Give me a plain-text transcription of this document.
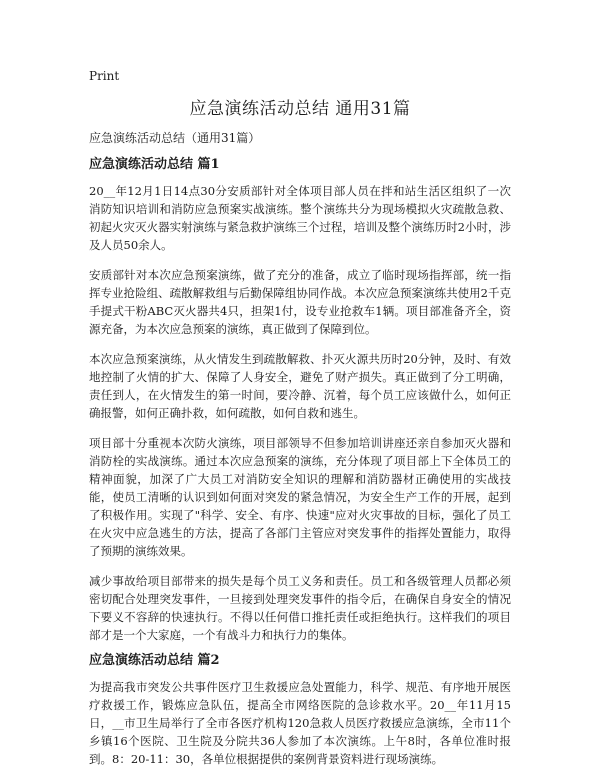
Print
应急演练活动总结 通用31篇
应急演练活动总结（通用31篇）
应急演练活动总结 篇1

20__年12月1日14点30分安质部针对全体项目部人员在拌和站生活区组织了一次消防知识培训和消防应急预案实战演练。整个演练共分为现场模拟火灾疏散急救、初起火灾灭火器实射演练与紧急救护演练三个过程，培训及整个演练历时2小时，涉及人员50余人。

安质部针对本次应急预案演练，做了充分的准备，成立了临时现场指挥部，统一指挥专业抢险组、疏散解救组与后勤保障组协同作战。本次应急预案演练共使用2千克手提式干粉ABC灭火器共4只，担架1付，设专业抢救车1辆。项目部准备齐全，资源充备，为本次应急预案的演练，真正做到了保障到位。

本次应急预案演练，从火情发生到疏散解救、扑灭火源共历时20分钟，及时、有效地控制了火情的扩大、保障了人身安全，避免了财产损失。真正做到了分工明确，责任到人，在火情发生的第一时间，要冷静、沉着，每个员工应该做什么，如何正确报警，如何正确扑救，如何疏散，如何自救和逃生。

项目部十分重视本次防火演练，项目部领导不但参加培训讲座还亲自参加灭火器和消防栓的实战演练。通过本次应急预案的演练，充分体现了项目部上下全体员工的精神面貌，加深了广大员工对消防安全知识的理解和消防器材正确使用的实战技能，使员工清晰的认识到如何面对突发的紧急情况，为安全生产工作的开展，起到了积极作用。实现了"科学、安全、有序、快速"应对火灾事故的目标，强化了员工在火灾中应急逃生的方法，提高了各部门主管应对突发事件的指挥处置能力，取得了预期的演练效果。

减少事故给项目部带来的损失是每个员工义务和责任。员工和各级管理人员都必须密切配合处理突发事件，一旦接到处理突发事件的指令后，在确保自身安全的情况下要义不容辞的快速执行。不得以任何借口推托责任或拒绝执行。这样我们的项目部才是一个大家庭，一个有战斗力和执行力的集体。

应急演练活动总结 篇2

为提高我市突发公共事件医疗卫生救援应急处置能力，科学、规范、有序地开展医疗救援工作，锻炼应急队伍，提高全市网络医院的急诊救水平。20__年11月15日，__市卫生局举行了全市各医疗机构120急救人员医疗救援应急演练，全市11个乡镇16个医院、卫生院及分院共36人参加了本次演练。上午8时，各单位准时报到。8：20-11：30，各单位根据提供的案例背景资料进行现场演练。
